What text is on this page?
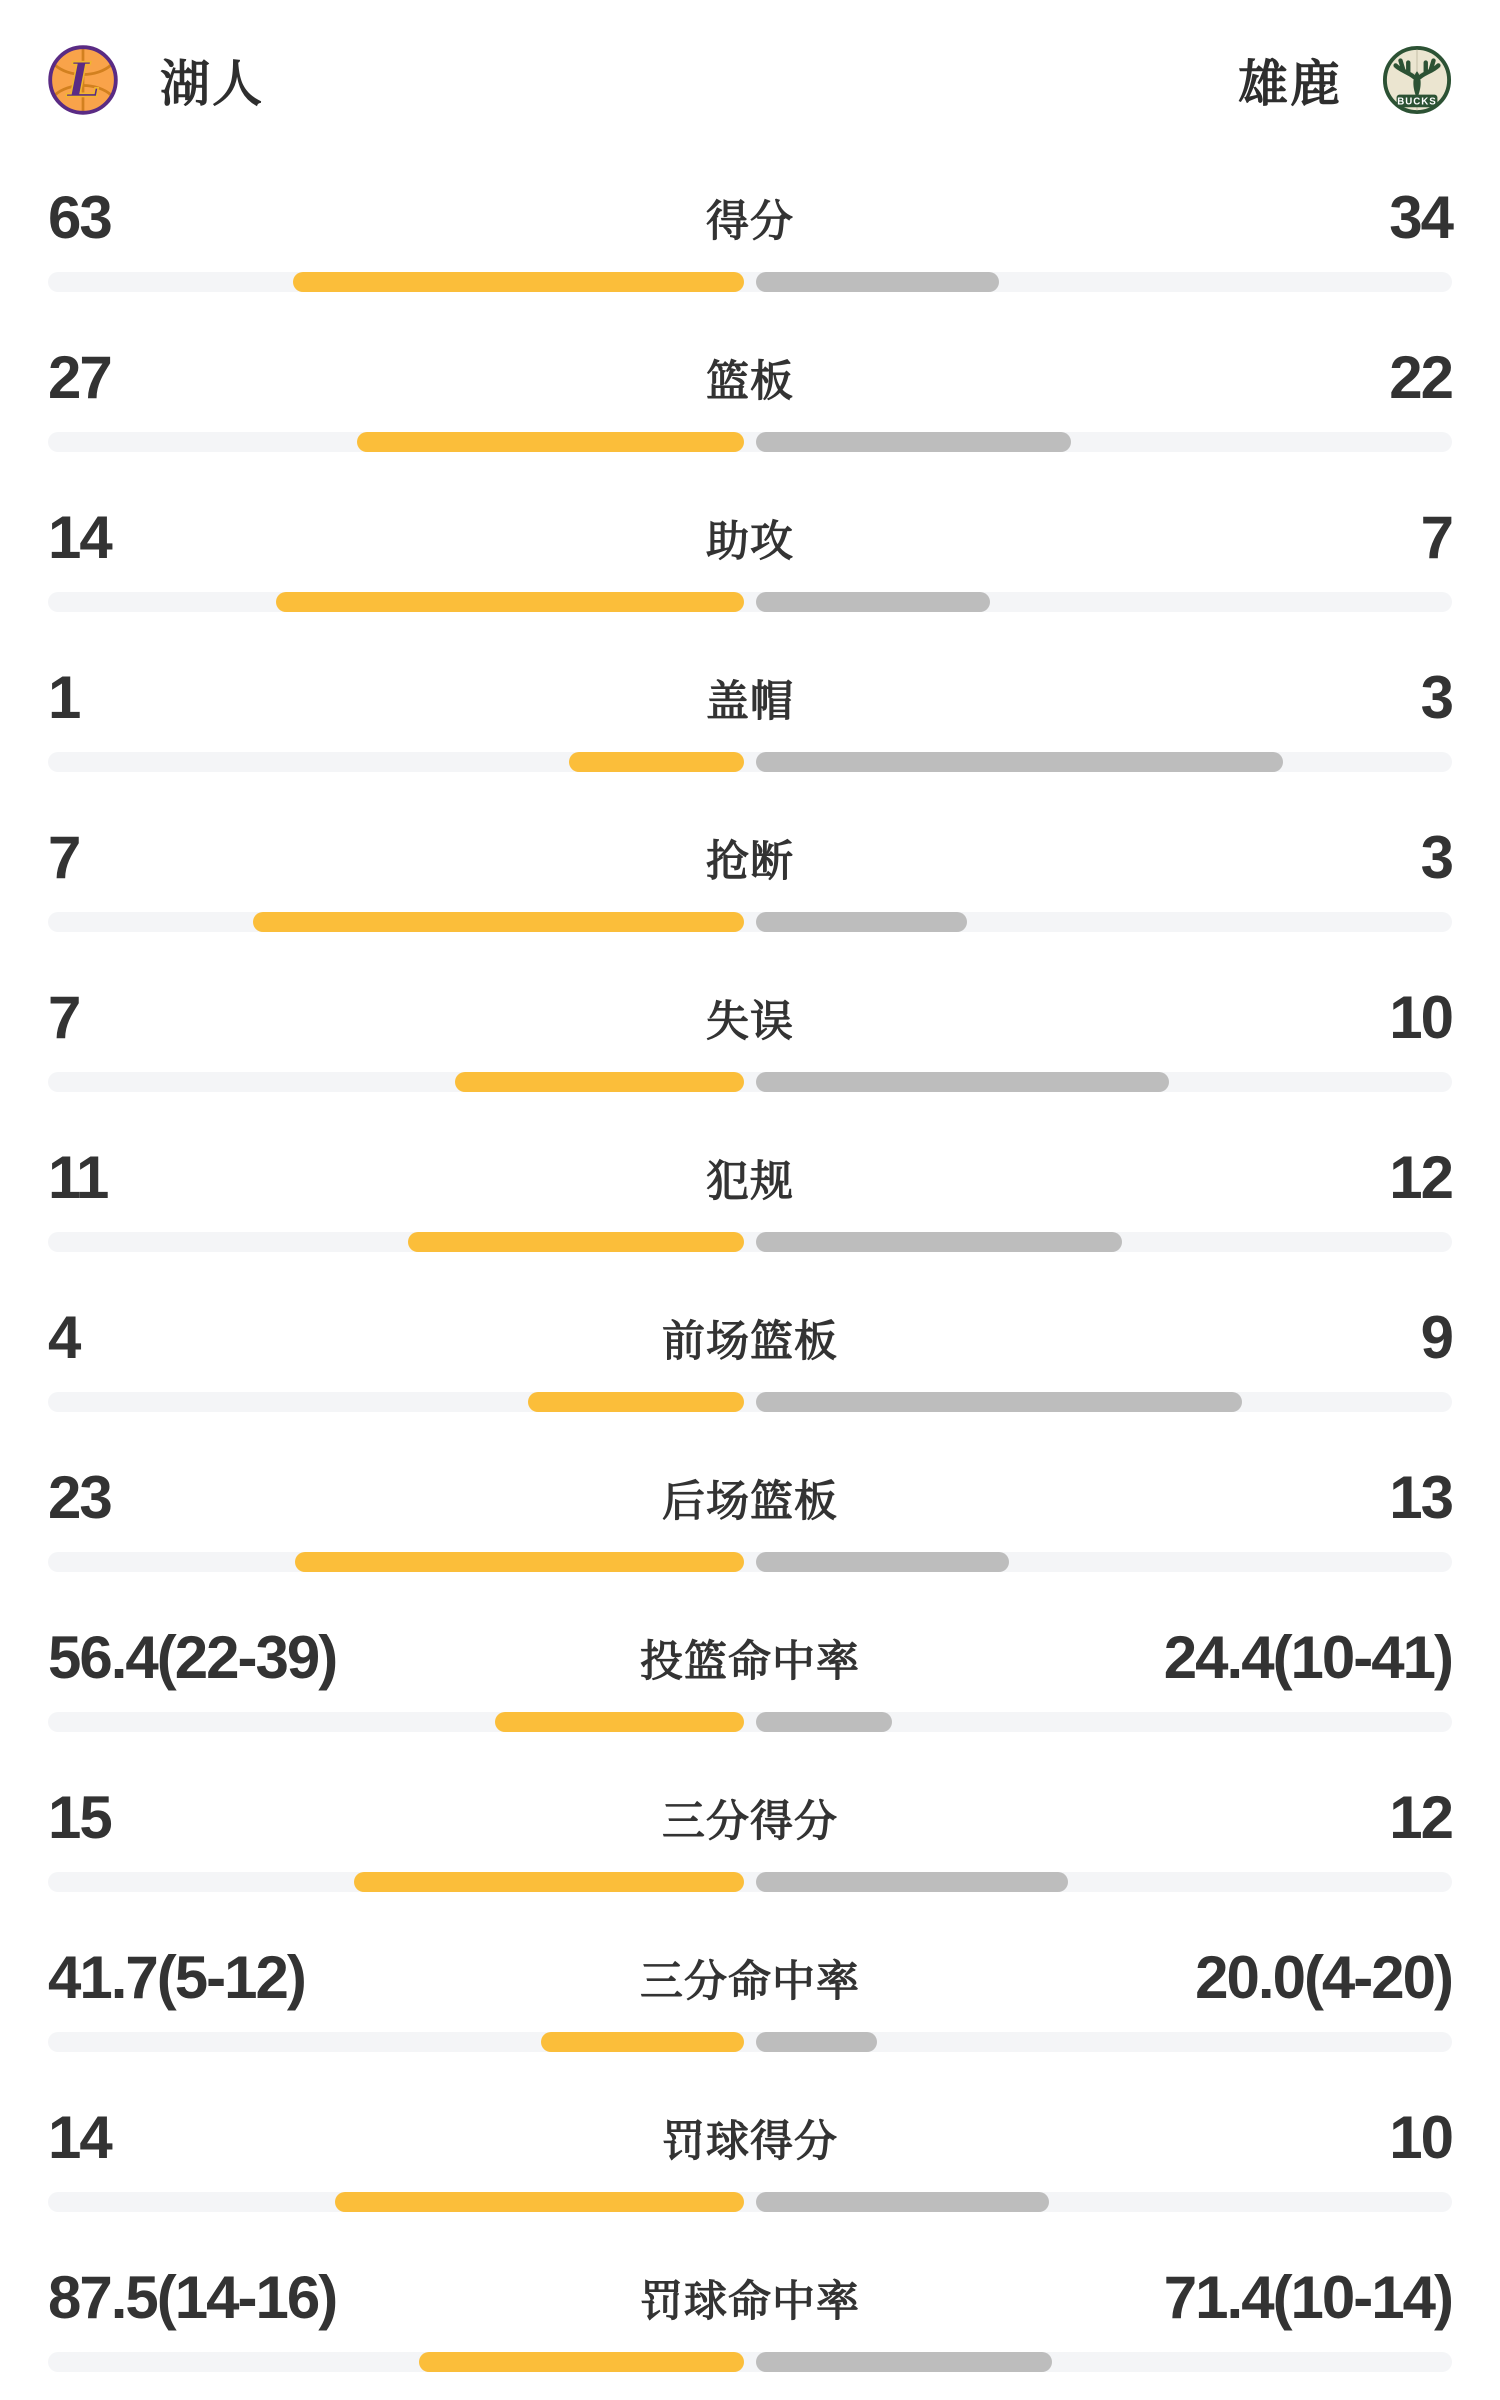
L 湖人	雄鹿	BUCKS
63	得分	34
27	篮板	22
14	助攻	7
1	盖帽	3
7	抢断	3
7	失误	10
11	犯规	12
4	前场篮板	9
23	后场篮板	13
56.4(22-39)	投篮命中率	24.4(10-41)
15	三分得分	12
41.7(5-12)	三分命中率	20.0(4-20)
14	罚球得分	10
87.5(14-16)	罚球命中率	71.4(10-14)
